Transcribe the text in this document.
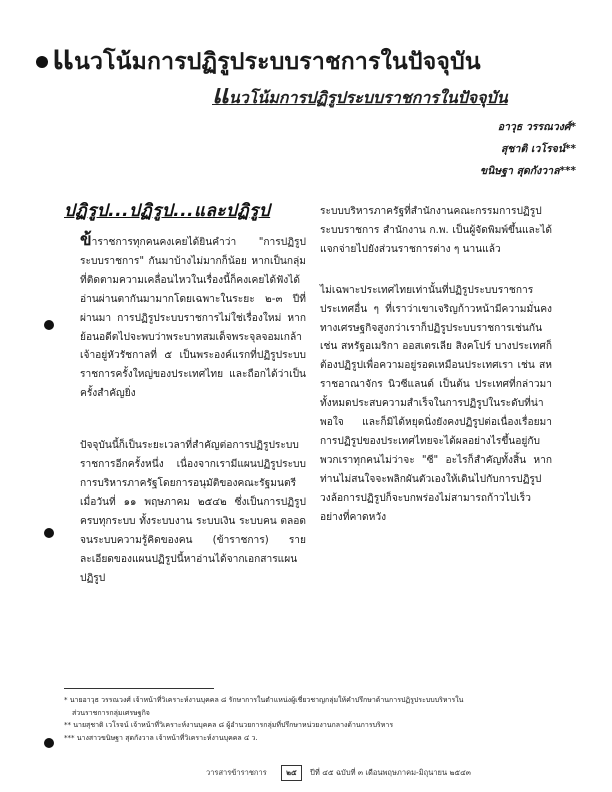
แนวโน้มการปฏิรูประบบราชการในปัจจุบัน
แนวโน้มการปฏิรูประบบราชการในปัจจุบัน
อาวุธ วรรณวงศ์*
สุชาติ เวโรจน์**
ขนิษฐา สุดกังวาล***
ปฏิรูป...ปฏิรูป...และปฏิรูป

ข้าราชการทุกคนคงเคยได้ยินคำว่า "การปฏิรูประบบราชการ" กันมาบ้างไม่มากก็น้อย หากเป็นกลุ่มที่ติดตามความเคลื่อนไหวในเรื่องนี้ก็คงเคยได้ฟังได้อ่านผ่านตากันมามากโดยเฉพาะในระยะ ๒-๓ ปีที่ผ่านมา การปฏิรูประบบราชการไม่ใช่เรื่องใหม่ หากย้อนอดีตไปจะพบว่าพระบาทสมเด็จพระจุลจอมเกล้าเจ้าอยู่หัวรัชกาลที่ ๕ เป็นพระองค์แรกที่ปฏิรูประบบราชการครั้งใหญ่ของประเทศไทย และถือกได้ว่าเป็นครั้งสำคัญยิ่ง

ปัจจุบันนี้ก็เป็นระยะเวลาที่สำคัญต่อการปฏิรูประบบราชการอีกครั้งหนึ่ง เนื่องจากเรามีแผนปฏิรูประบบการบริหารภาครัฐโดยการอนุมัติของคณะรัฐมนตรีเมื่อวันที่ ๑๑ พฤษภาคม ๒๕๔๒ ซึ่งเป็นการปฏิรูปครบทุกระบบ ทั้งระบบงาน ระบบเงิน ระบบคน ตลอดจนระบบความรู้คิดของคน (ข้าราชการ) รายละเอียดของแผนปฏิรูปนี้หาอ่านได้จากเอกสารแผนปฏิรูป

ระบบบริหารภาครัฐที่สำนักงานคณะกรรมการปฏิรูประบบราชการ สำนักงาน ก.พ. เป็นผู้จัดพิมพ์ขึ้นและได้แจกจ่ายไปยังส่วนราชการต่าง ๆ นานแล้ว

ไม่เฉพาะประเทศไทยเท่านั้นที่ปฏิรูประบบราชการ ประเทศอื่น ๆ ที่เราว่าเขาเจริญก้าวหน้ามีความมั่นคงทางเศรษฐกิจสูงกว่าเราก็ปฏิรูประบบราชการเช่นกัน เช่น สหรัฐอเมริกา ออสเตรเลีย สิงคโปร์ บางประเทศก็ต้องปฏิรูปเพื่อความอยู่รอดเหมือนประเทศเรา เช่น สหราชอาณาจักร นิวซีแลนด์ เป็นต้น ประเทศที่กล่าวมาทั้งหมดประสบความสำเร็จในการปฏิรูปในระดับที่น่าพอใจ และก็มิได้หยุดนิ่งยังคงปฏิรูปต่อเนื่องเรื่อยมา การปฏิรูปของประเทศไทยจะได้ผลอย่างไรขึ้นอยู่กับพวกเราทุกคนไม่ว่าจะ "ซี" อะไรก็สำคัญทั้งสิ้น หากท่านไม่สนใจจะพลิกผันตัวเองให้เดินไปกับการปฏิรูป วงล้อการปฏิรูปก็จะบกพร่องไม่สามารถก้าวไปเร็วอย่างที่คาดหวัง

* นายอาวุธ วรรณวงศ์ เจ้าหน้าที่วิเคราะห์งานบุคคล ๘ รักษาการในตำแหน่งผู้เชี่ยวชาญกลุ่มให้คำปรึกษาด้านการปฏิรูประบบบริหารใน
ส่วนราชการกลุ่มเศรษฐกิจ
** นายสุชาติ เวโรจน์ เจ้าหน้าที่วิเคราะห์งานบุคคล ๘ ผู้อำนวยการกลุ่มที่ปรึกษาหน่วยงานกลางด้านการบริหาร
*** นางสาวขนิษฐา สุดกังวาล เจ้าหน้าที่วิเคราะห์งานบุคคล ๔ ว.
วารสารข้าราชการ	๒๕ ปีที่ ๔๕ ฉบับที่ ๓ เดือนพฤษภาคม-มิถุนายน ๒๕๔๓
